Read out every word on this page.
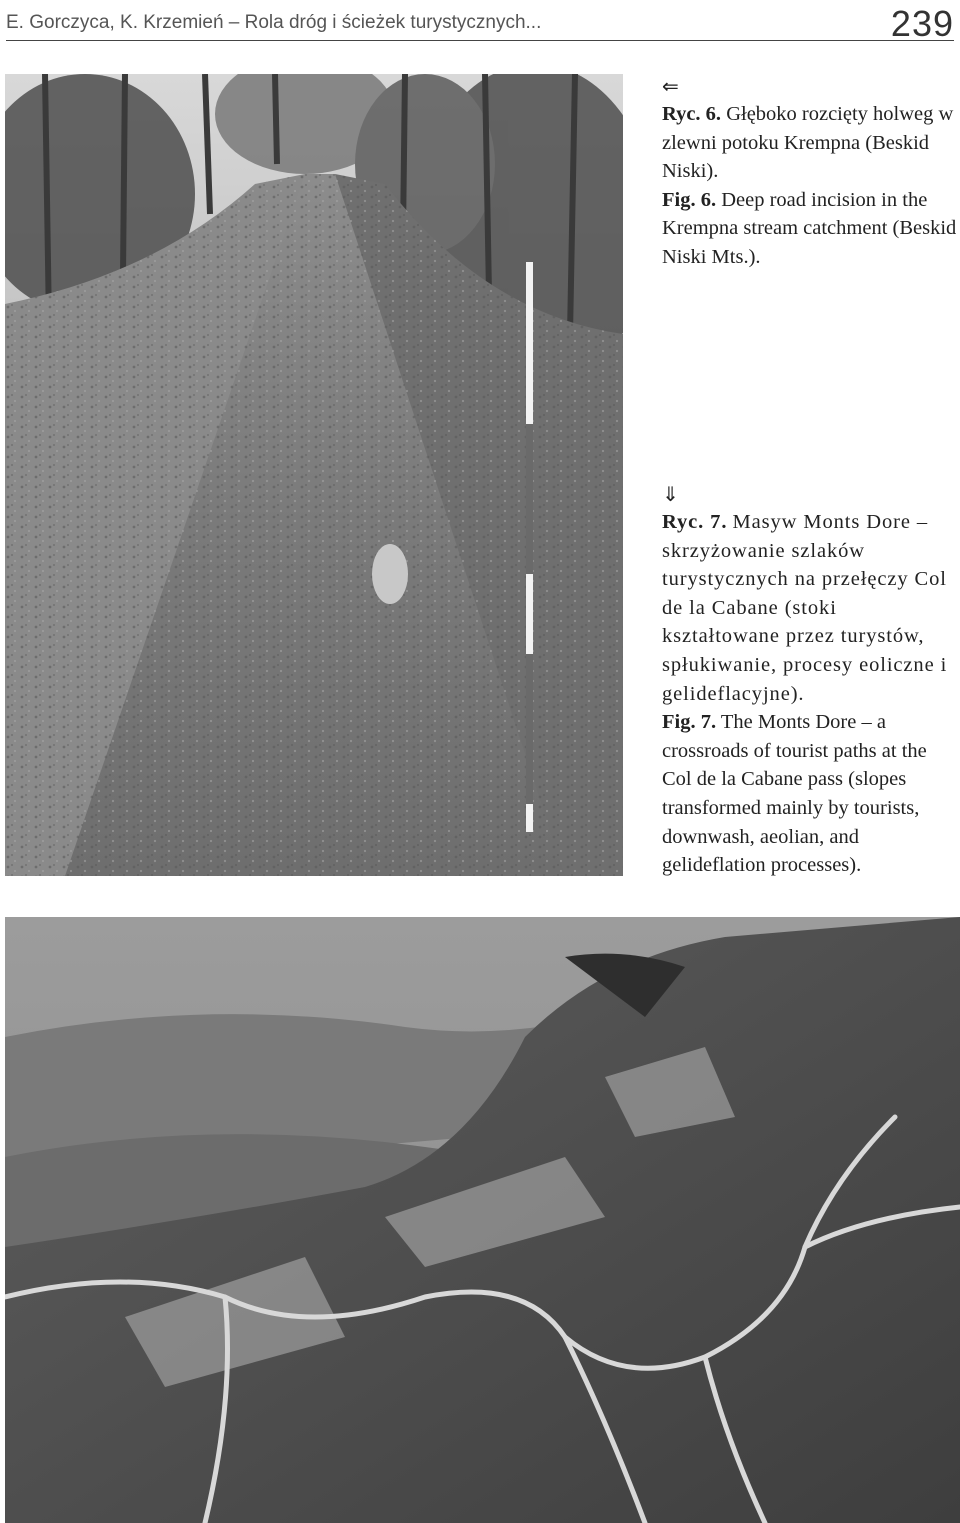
E. Gorczyca, K. Krzemień – Rola dróg i ścieżek turystycznych...	239
⇐

Ryc. 6. Głęboko rozcięty holweg w zlewni potoku Krempna (Beskid Niski).

Fig. 6. Deep road incision in the Krempna stream catchment (Beskid Niski Mts.).

⇓

Ryc. 7. Masyw Monts Dore – skrzyżowanie szlaków turystycznych na przełęczy Col de la Cabane (stoki kształtowane przez turystów, spłukiwanie, procesy eoliczne i gelideflacyjne).

Fig. 7. The Monts Dore – a crossroads of tourist paths at the Col de la Cabane pass (slopes transformed mainly by tourists, downwash, aeolian, and gelideflation processes).
